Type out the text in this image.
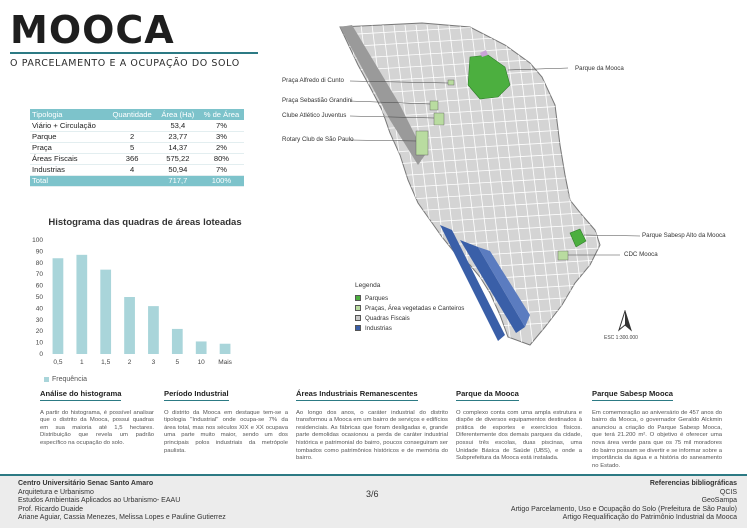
MOOCA
O PARCELAMENTO E A OCUPAÇÃO DO SOLO
Tipologia	Quantidade	Área (Ha)	% de Área
Viário + Circulação		53,4	7%
Parque	2	23,77	3%
Praça	5	14,37	2%
Áreas Fiscais	366	575,22	80%
Industrias	4	50,94	7%
Total		717,7	100%
Histograma das quadras de áreas loteadas
0
10
20
30
40
50
60
70
80
90
100
0,5	1	1,5	2	3	5	10 Mais
Frequência
Praça Alfredo di Cunto
Praça Sebastião Grandini
Clube Atlético Juventus
Rotary Club de São Paulo
Parque da Mooca
Parque Sabesp Alto da Mooca
CDC Mooca
Legenda
Parques
Praças, Área vegetadas e Canteiros
Quadras Fiscais
Industrias
ESC 1:300.000
Análise do histograma

A partir do histograma, é possível analisar que o distrito da Mooca, possui quadras em sua maioria até 1,5 hectares. Distribuição que revela um padrão específico na ocupação do solo.

Período Industrial

O distrito da Mooca em destaque tem-se a tipologia "Industrial" onde ocupa-se 7% da área total, mas nos séculos XIX e XX ocupava uma parte muito maior, sendo um dos principais polos industriais da metrópole paulista.

Áreas Industriais Remanescentes

Ao longo dos anos, o caráter industrial do distrito transformou a Mooca em um bairro de serviços e edifícios residenciais. As fábricas que foram desligadas e, grande parte demolidas ocasionou a perda de caráter industrial histórica e patrimonial do bairro, poucos conseguiram ser tombados como patrimônios históricos e de memória do bairro.

Parque da Mooca

O complexo conta com uma ampla estrutura e dispõe de diversos equipamentos destinados à prática de esportes e exercícios físicos. Diferentemente dos demais parques da cidade, possui três escolas, duas piscinas, uma Unidade Básica de Saúde (UBS), e onde a Subprefeitura da Mooca está instalada.

Parque Sabesp Mooca

Em comemoração ao aniversário de 457 anos do bairro da Mooca, o governador Geraldo Alckmin anunciou a criação do Parque Sabesp Mooca, que terá 21.200 m². O objetivo é oferecer uma nova área verde para que os 75 mil moradores do bairro possam se divertir e se informar sobre a importância da água e a história do saneamento no Estado.

Centro Universitário Senac Santo Amaro
Arquitetura e Urbanismo
Estudos Ambientais Aplicados ao Urbanismo- EAAU
Prof. Ricardo Duaide
Ariane Aguiar, Cassia Menezes, Melissa Lopes e Pauline Gutierrez
3/6
Referencias bibliográficas
QCIS
GeoSampa
Artigo Parcelamento, Uso e Ocupação do Solo (Prefeitura de São Paulo)
Artigo Requalificação do Patrimônio Industrial da Mooca
